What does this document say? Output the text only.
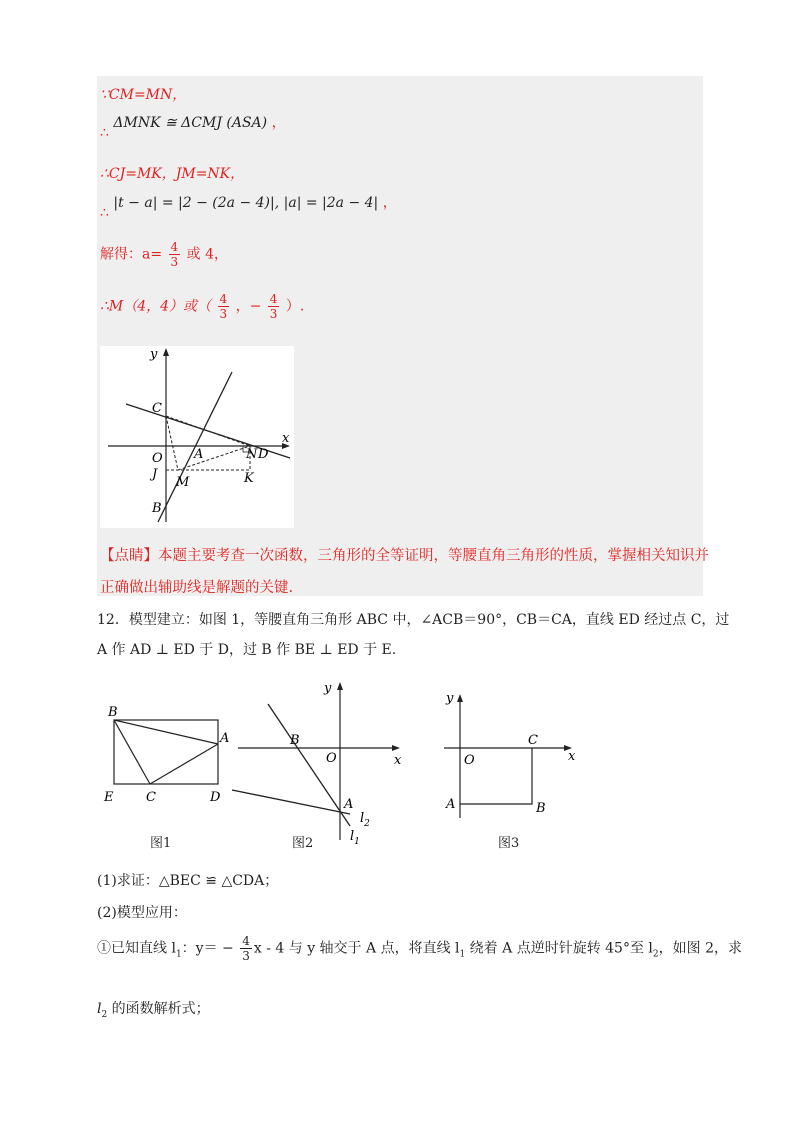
∵CM=MN，
∴ ΔMNK ≅ ΔCMJ (ASA) ，
∴CJ=MK，JM=NK，
∴ |t − a| = |2 − (2a − 4)|, |a| = |2a − 4| ，
解得：$a= \frac{4}{3}$ 或 4，
∴M（4，4）或（ $\frac{4}{3}$ ，− $\frac{4}{3}$ ）.
y
x
C
O A	N D
J
M	K
B
【点睛】本题主要考查一次函数，三角形的全等证明，等腰直角三角形的性质，掌握相关知识并
正确做出辅助线是解题的关键.
12．模型建立：如图 1，等腰直角三角形 ABC 中，∠ACB＝90°，CB＝CA，直线 ED 经过点 C，过
A 作 AD ⊥ ED 于 D，过 B 作 BE ⊥ ED 于 E.
B
A
E	C	D
图1
B
O
y
x
A
$l_2$
$l_1$
图2
y
x
O
C
A	B
图3
(1)求证：△BEC ≌ △CDA；
(2)模型应用：
①已知直线 $l_1$：$y= - \frac{4}{3}$ x - 4 与 y 轴交于 A 点，将直线 $l_1$ 绕着 A 点逆时针旋转 45°至 $l_2$，如图 2，求
$l_2$ 的函数解析式；
